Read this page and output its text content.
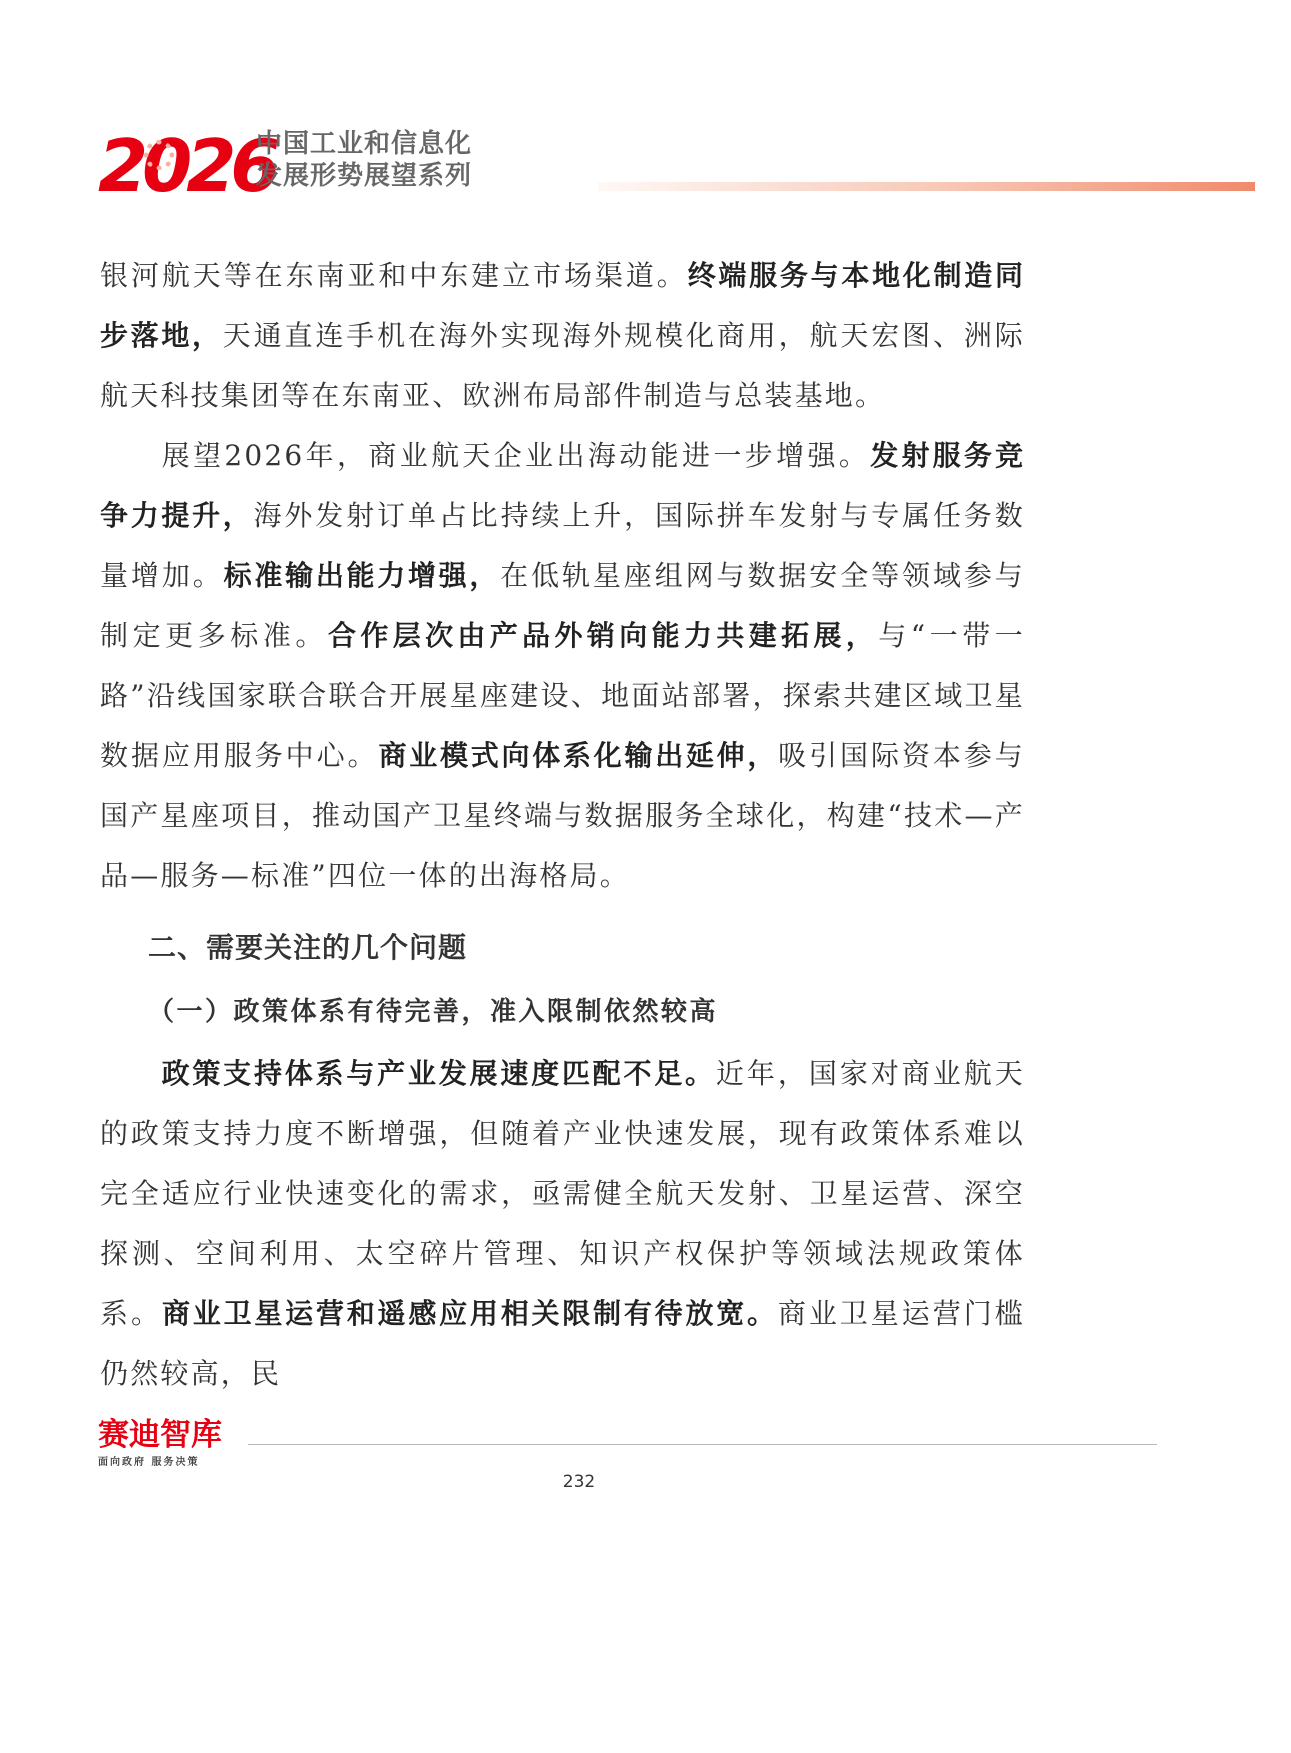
2026
中国工业和信息化
发展形势展望系列

银河航天等在东南亚和中东建立市场渠道。终端服务与本地化制造同步落地，天通直连手机在海外实现海外规模化商用，航天宏图、洲际航天科技集团等在东南亚、欧洲布局部件制造与总装基地。

展望2026年，商业航天企业出海动能进一步增强。发射服务竞争力提升，海外发射订单占比持续上升，国际拼车发射与专属任务数量增加。标准输出能力增强，在低轨星座组网与数据安全等领域参与制定更多标准。合作层次由产品外销向能力共建拓展，与“一带一路”沿线国家联合联合开展星座建设、地面站部署，探索共建区域卫星数据应用服务中心。商业模式向体系化输出延伸，吸引国际资本参与国产星座项目，推动国产卫星终端与数据服务全球化，构建“技术—产品—服务—标准”四位一体的出海格局。

二、需要关注的几个问题
（一）政策体系有待完善，准入限制依然较高

政策支持体系与产业发展速度匹配不足。近年，国家对商业航天的政策支持力度不断增强，但随着产业快速发展，现有政策体系难以完全适应行业快速变化的需求，亟需健全航天发射、卫星运营、深空探测、空间利用、太空碎片管理、知识产权保护等领域法规政策体系。商业卫星运营和遥感应用相关限制有待放宽。商业卫星运营门槛仍然较高，民

赛迪智库
面向政府 服务决策
232
